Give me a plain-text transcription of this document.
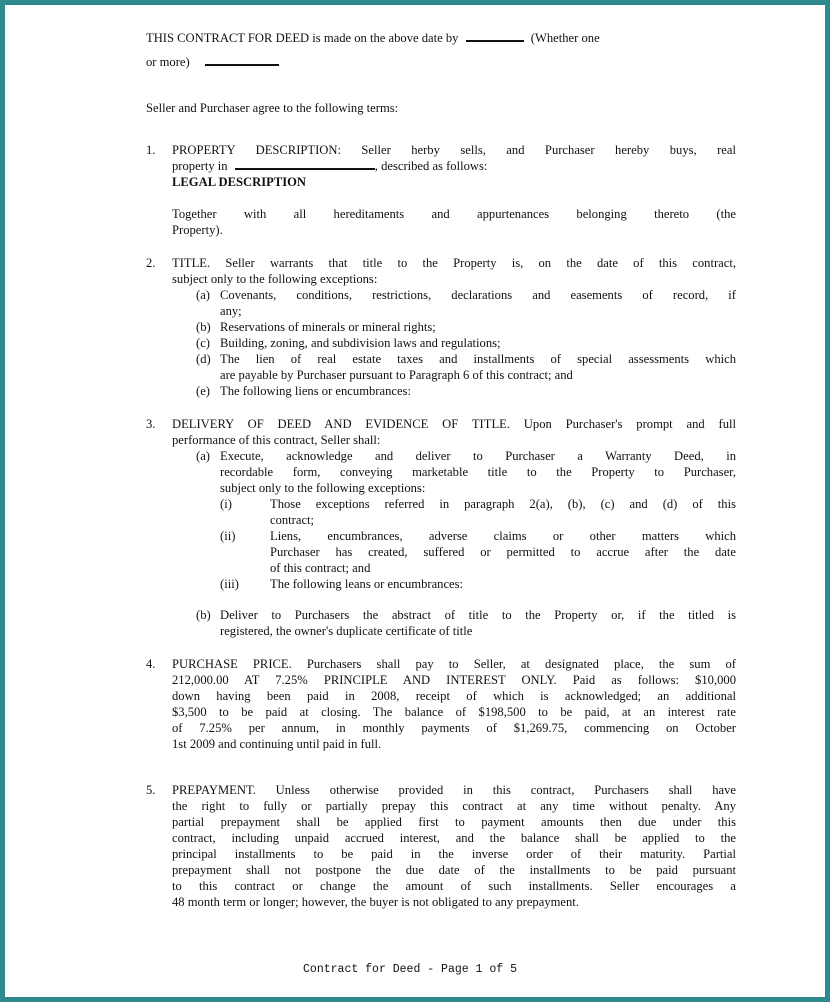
THIS CONTRACT FOR DEED is made on the above date by	(Whether one
or more)
Seller and Purchaser agree to the following terms:
1. PROPERTY DESCRIPTION: Seller herby sells, and Purchaser hereby buys, real
property in	, described as follows:
LEGAL DESCRIPTION
Together with all hereditaments and appurtenances belonging thereto (the
Property).
2. TITLE. Seller warrants that title to the Property is, on the date of this contract,
subject only to the following exceptions:
(a) Covenants, conditions, restrictions, declarations and easements of record, if
any;
(b) Reservations of minerals or mineral rights;
(c) Building, zoning, and subdivision laws and regulations;
(d) The lien of real estate taxes and installments of special assessments which
are payable by Purchaser pursuant to Paragraph 6 of this contract; and
(e) The following liens or encumbrances:
3. DELIVERY OF DEED AND EVIDENCE OF TITLE. Upon Purchaser's prompt and full
performance of this contract, Seller shall:
(a) Execute, acknowledge and deliver to Purchaser a Warranty Deed, in
recordable form, conveying marketable title to the Property to Purchaser,
subject only to the following exceptions:
(i)	Those exceptions referred in paragraph 2(a), (b), (c) and (d) of this
contract;
(ii)	Liens, encumbrances, adverse claims or other matters which
Purchaser has created, suffered or permitted to accrue after the date
of this contract; and
(iii) The following leans or encumbrances:
(b) Deliver to Purchasers the abstract of title to the Property or, if the titled is
registered, the owner's duplicate certificate of title
4. PURCHASE PRICE. Purchasers shall pay to Seller, at designated place, the sum of
212,000.00 AT 7.25% PRINCIPLE AND INTEREST ONLY. Paid as follows: $10,000
down having been paid in 2008, receipt of which is acknowledged; an additional
$3,500 to be paid at closing. The balance of $198,500 to be paid, at an interest rate
of 7.25% per annum, in monthly payments of $1,269.75, commencing on October
1st 2009 and continuing until paid in full.
5. PREPAYMENT. Unless otherwise provided in this contract, Purchasers shall have
the right to fully or partially prepay this contract at any time without penalty. Any
partial prepayment shall be applied first to payment amounts then due under this
contract, including unpaid accrued interest, and the balance shall be applied to the
principal installments to be paid in the inverse order of their maturity. Partial
prepayment shall not postpone the due date of the installments to be paid pursuant
to this contract or change the amount of such installments. Seller encourages a
48 month term or longer; however, the buyer is not obligated to any prepayment.
Contract for Deed - Page 1 of 5
